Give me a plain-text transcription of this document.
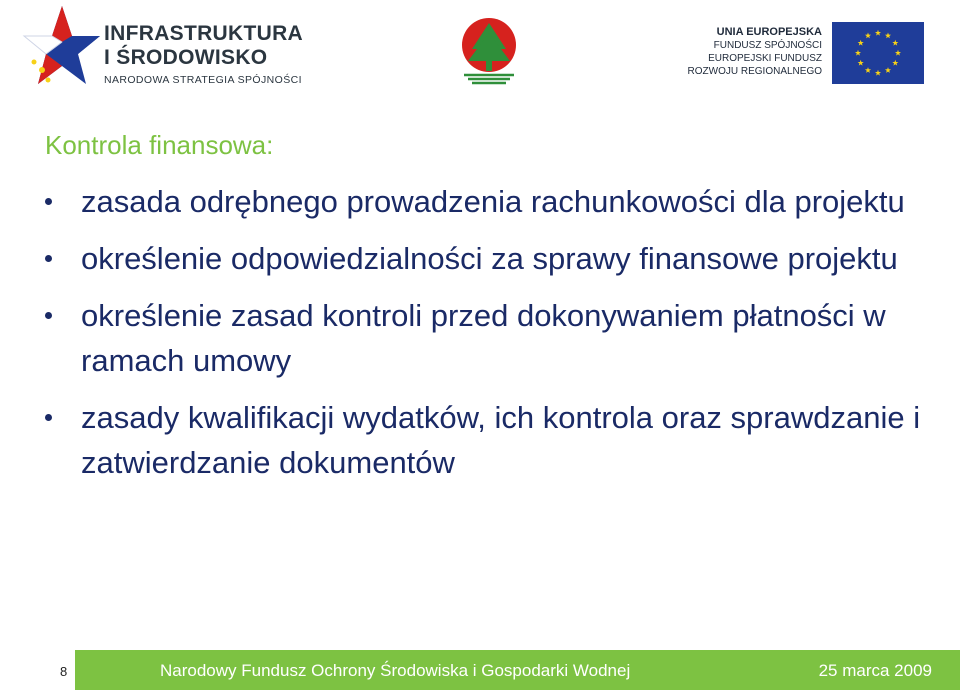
INFRASTRUKTURA
I ŚRODOWISKO
NARODOWA STRATEGIA SPÓJNOŚCI
UNIA EUROPEJSKA
FUNDUSZ SPÓJNOŚCI
EUROPEJSKI FUNDUSZ
ROZWOJU REGIONALNEGO
Kontrola finansowa:
zasada odrębnego prowadzenia rachunkowości dla projektu
określenie odpowiedzialności za sprawy finansowe projektu
określenie zasad kontroli przed dokonywaniem płatności w ramach umowy
zasady kwalifikacji wydatków, ich kontrola oraz sprawdzanie i zatwierdzanie dokumentów
8	Narodowy Fundusz Ochrony Środowiska i Gospodarki Wodnej	25 marca 2009
